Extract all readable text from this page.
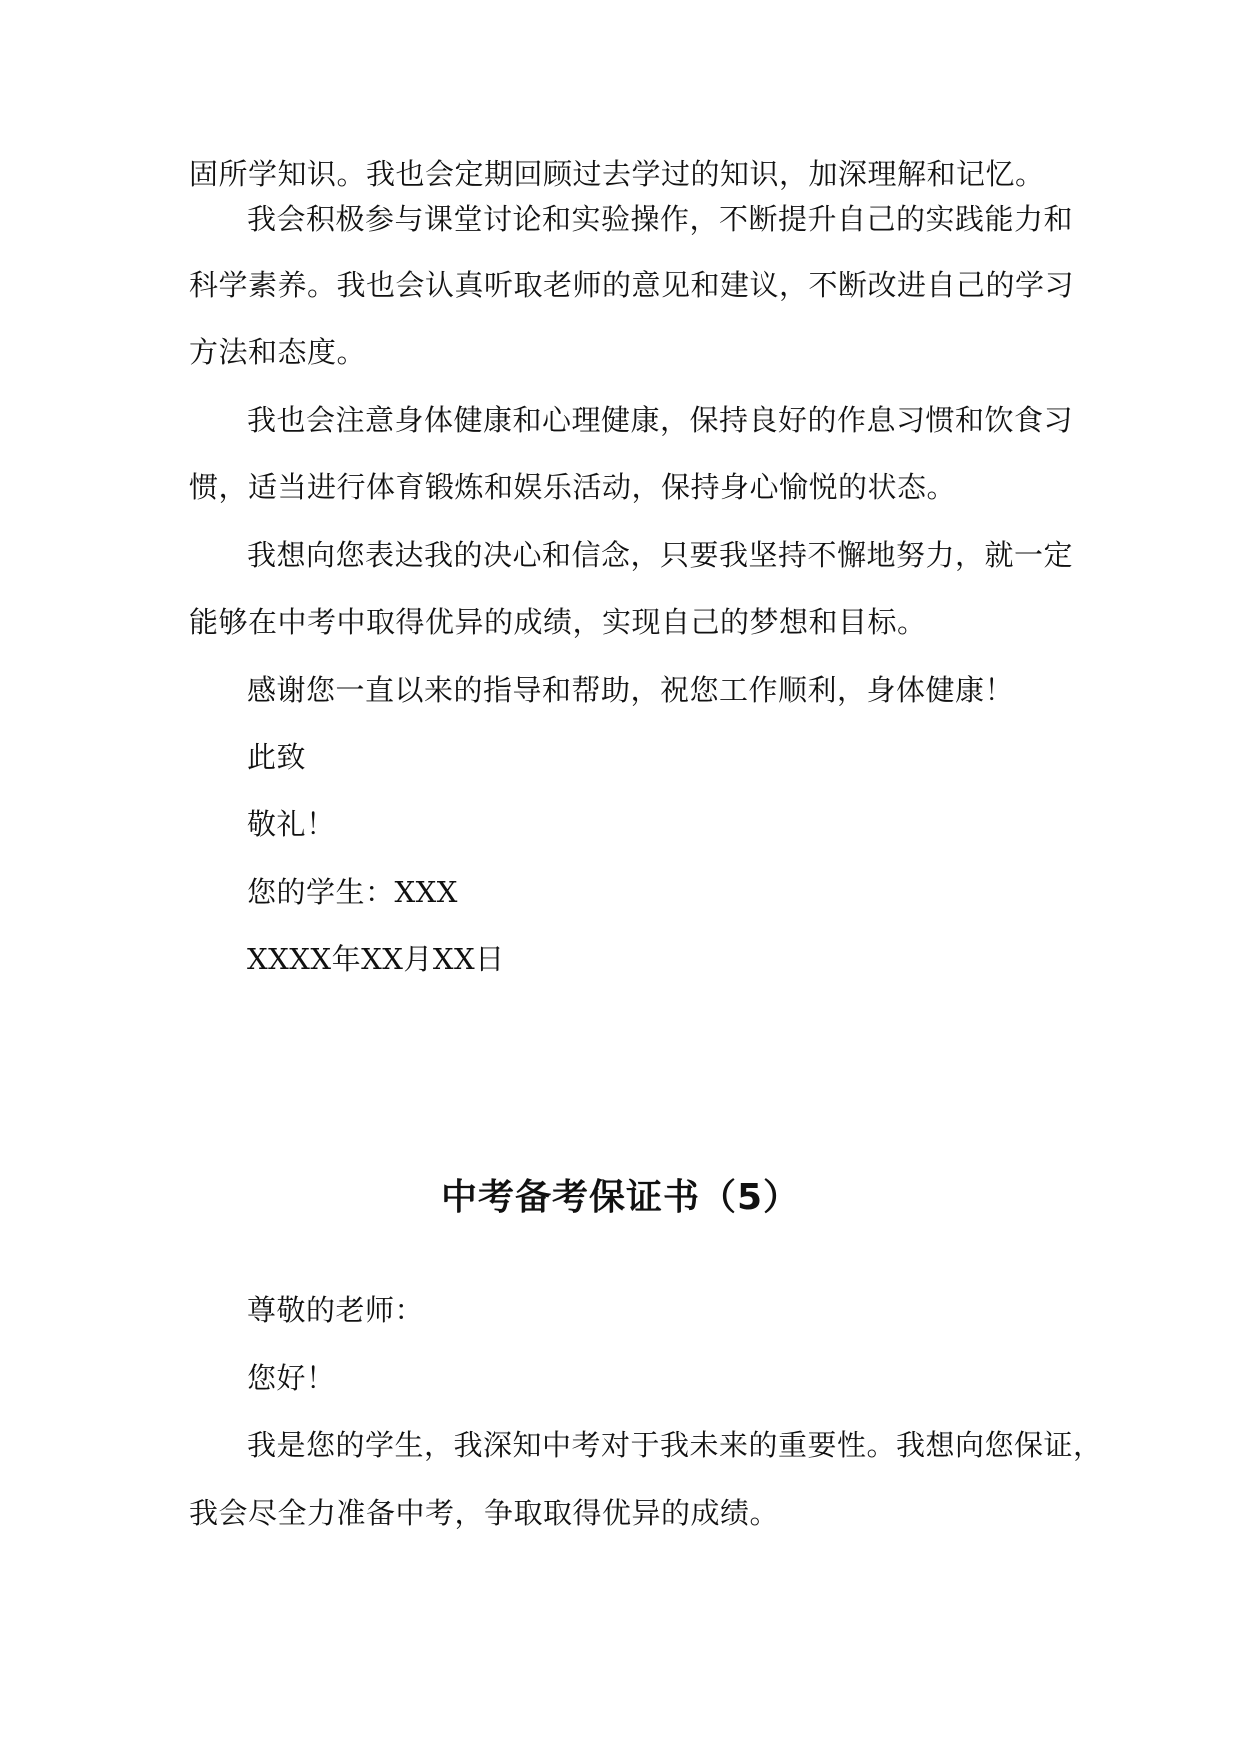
固所学知识。我也会定期回顾过去学过的知识，加深理解和记忆。
我会积极参与课堂讨论和实验操作，不断提升自己的实践能力和
科学素养。我也会认真听取老师的意见和建议，不断改进自己的学习
方法和态度。
我也会注意身体健康和心理健康，保持良好的作息习惯和饮食习
惯，适当进行体育锻炼和娱乐活动，保持身心愉悦的状态。
我想向您表达我的决心和信念，只要我坚持不懈地努力，就一定
能够在中考中取得优异的成绩，实现自己的梦想和目标。
感谢您一直以来的指导和帮助，祝您工作顺利，身体健康！
此致
敬礼！
您的学生：XXX
XXXX年XX月XX日
中考备考保证书（5）
尊敬的老师：
您好！
我是您的学生，我深知中考对于我未来的重要性。我想向您保证，
我会尽全力准备中考，争取取得优异的成绩。
